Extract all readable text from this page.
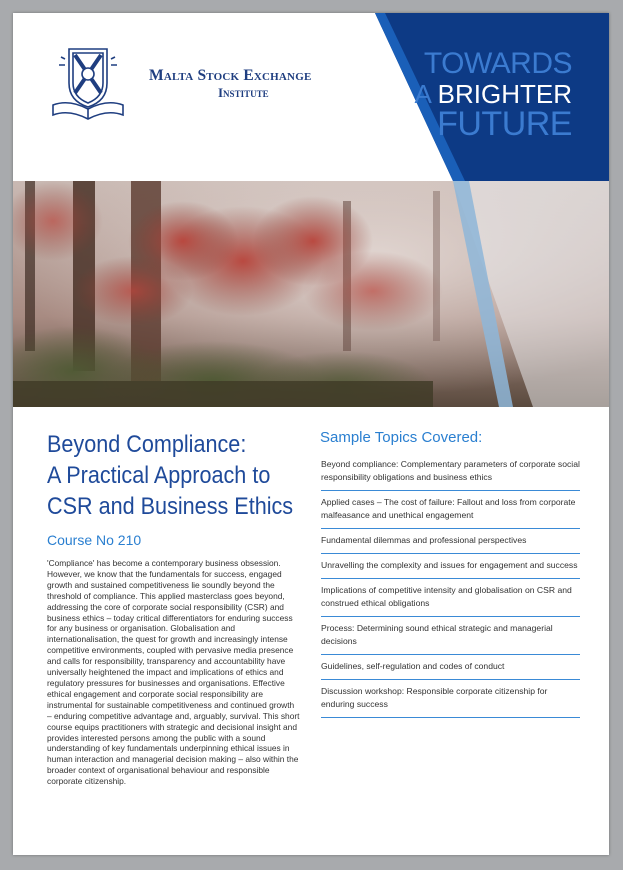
Malta Stock Exchange
Institute
TOWARDS
A BRIGHTER
FUTURE
Beyond Compliance:
A Practical Approach to
CSR and Business Ethics
Course No 210
'Compliance' has become a contemporary business obsession. However, we know that the fundamentals for success, engaged growth and sustained competitiveness lie soundly beyond the threshold of compliance. This applied masterclass goes beyond, addressing the core of corporate social responsibility (CSR) and business ethics – today critical differentiators for enduring success for any business or organisation. Globalisation and internationalisation, the quest for growth and increasingly intense competitive environments, coupled with pervasive media presence and calls for responsibility, transparency and accountability have universally heightened the impact and implications of ethics and regulatory pressures for businesses and organisations. Effective ethical engagement and corporate social responsibility are instrumental for sustainable competitiveness and continued growth – enduring competitive advantage and, arguably, survival. This short course equips practitioners with strategic and decisional insight and provides interested persons among the public with a sound understanding of key fundamentals underpinning ethical issues in human interaction and managerial decision making – also within the broader context of organisational behaviour and responsible corporate citizenship.
Sample Topics Covered:
Beyond compliance: Complementary parameters of corporate social responsibility obligations and business ethics
Applied cases – The cost of failure: Fallout and loss from corporate malfeasance and unethical engagement
Fundamental dilemmas and professional perspectives
Unravelling the complexity and issues for engagement and success
Implications of competitive intensity and globalisation on CSR and construed ethical obligations
Process: Determining sound ethical strategic and managerial decisions
Guidelines, self-regulation and codes of conduct
Discussion workshop: Responsible corporate citizenship for enduring success
